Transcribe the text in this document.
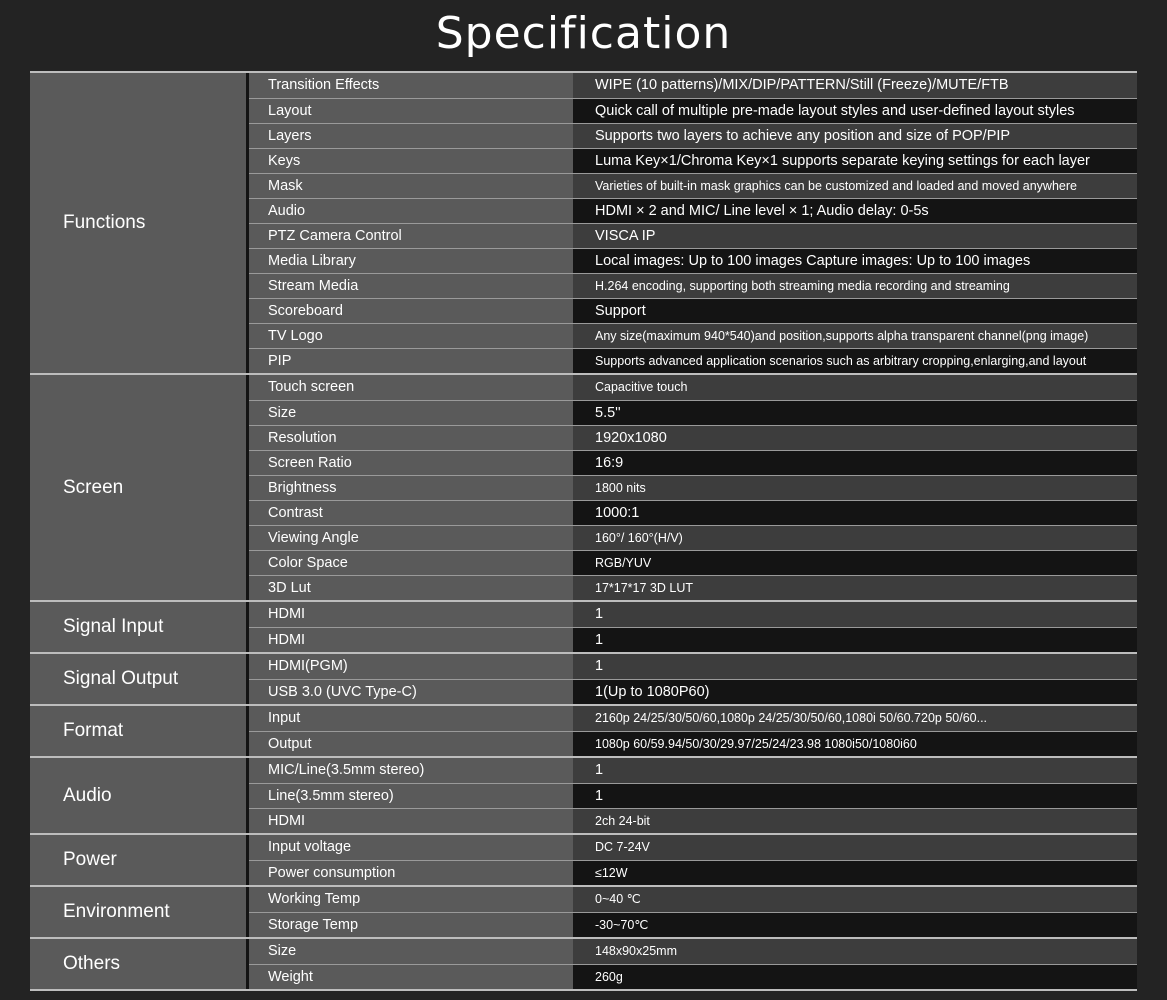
Specification
Functions
Transition Effects	WIPE (10 patterns)/MIX/DIP/PATTERN/Still (Freeze)/MUTE/FTB
Layout	Quick call of multiple pre-made layout styles and user-defined layout styles
Layers	Supports two layers to achieve any position and size of POP/PIP
Keys	Luma Key×1/Chroma Key×1 supports separate keying settings for each layer
Mask	Varieties of built-in mask graphics can be customized and loaded and moved anywhere
Audio	HDMI × 2 and MIC/ Line level × 1; Audio delay: 0-5s
PTZ Camera Control	VISCA IP
Media Library	Local images: Up to 100 images Capture images: Up to 100 images
Stream Media	H.264 encoding, supporting both streaming media recording and streaming
Scoreboard	Support
TV Logo	Any size(maximum 940*540)and position,supports alpha transparent channel(png image)
PIP	Supports advanced application scenarios such as arbitrary cropping,enlarging,and layout
Screen
Touch screen	Capacitive touch
Size	5.5''
Resolution	1920x1080
Screen Ratio	16:9
Brightness	1800 nits
Contrast	1000:1
Viewing Angle	160°/ 160°(H/V)
Color Space	RGB/YUV
3D Lut	17*17*17 3D LUT
Signal Input
HDMI	1
HDMI	1
Signal Output
HDMI(PGM)	1
USB 3.0 (UVC Type-C)	1(Up to 1080P60)
Format
Input	2160p 24/25/30/50/60,1080p 24/25/30/50/60,1080i 50/60.720p 50/60...
Output	1080p 60/59.94/50/30/29.97/25/24/23.98 1080i50/1080i60
Audio
MIC/Line(3.5mm stereo)	1
Line(3.5mm stereo)	1
HDMI	2ch 24-bit
Power
Input voltage	DC 7-24V
Power consumption	≤12W
Environment
Working Temp	0~40 ℃
Storage Temp	-30~70℃
Others
Size	148x90x25mm
Weight	260g
